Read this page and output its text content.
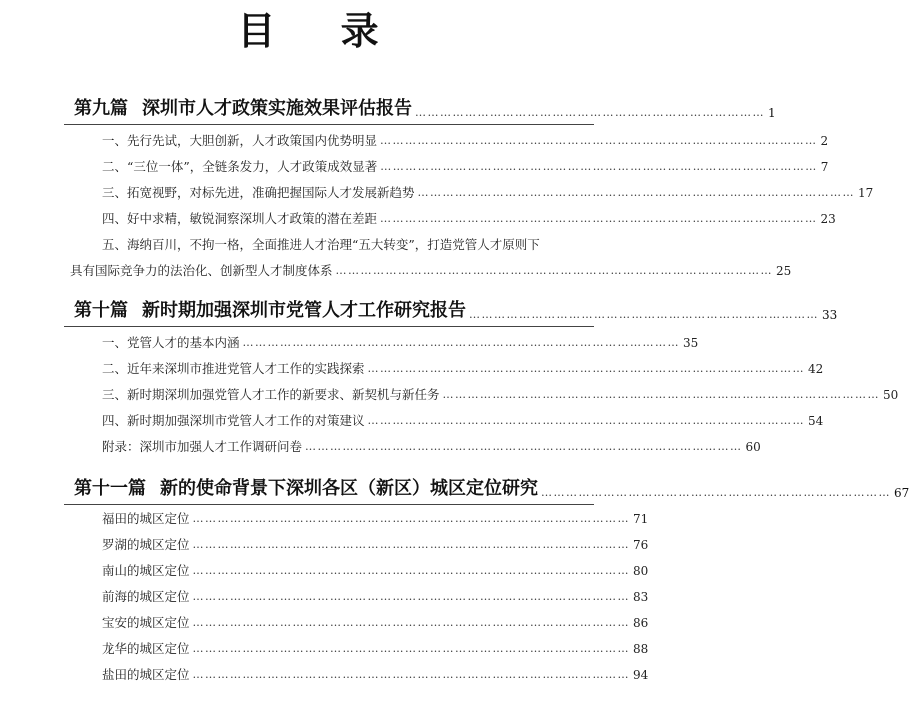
目 录
第九篇 深圳市人才政策实施效果评估报告 ………………………………………………………………………… 1
一、先行先试，大胆创新，人才政策国内优势明显 …………………………………………………………………………………………… 2
二、“三位一体”，全链条发力，人才政策成效显著 …………………………………………………………………………………………… 7
三、拓宽视野，对标先进，准确把握国际人才发展新趋势 …………………………………………………………………………………………… 17
四、好中求精，敏锐洞察深圳人才政策的潜在差距 …………………………………………………………………………………………… 23
五、海纳百川，不拘一格，全面推进人才治理“五大转变”，打造党管人才原则下
具有国际竞争力的法治化、创新型人才制度体系 …………………………………………………………………………………………… 25
第十篇 新时期加强深圳市党管人才工作研究报告 ………………………………………………………………………… 33
一、党管人才的基本内涵 …………………………………………………………………………………………… 35
二、近年来深圳市推进党管人才工作的实践探索 …………………………………………………………………………………………… 42
三、新时期深圳加强党管人才工作的新要求、新契机与新任务 …………………………………………………………………………………………… 50
四、新时期加强深圳市党管人才工作的对策建议 …………………………………………………………………………………………… 54
附录：深圳市加强人才工作调研问卷 …………………………………………………………………………………………… 60
第十一篇 新的使命背景下深圳各区（新区）城区定位研究 ………………………………………………………………………… 67
福田的城区定位 …………………………………………………………………………………………… 71
罗湖的城区定位 …………………………………………………………………………………………… 76
南山的城区定位 …………………………………………………………………………………………… 80
前海的城区定位 …………………………………………………………………………………………… 83
宝安的城区定位 …………………………………………………………………………………………… 86
龙华的城区定位 …………………………………………………………………………………………… 88
盐田的城区定位 …………………………………………………………………………………………… 94
